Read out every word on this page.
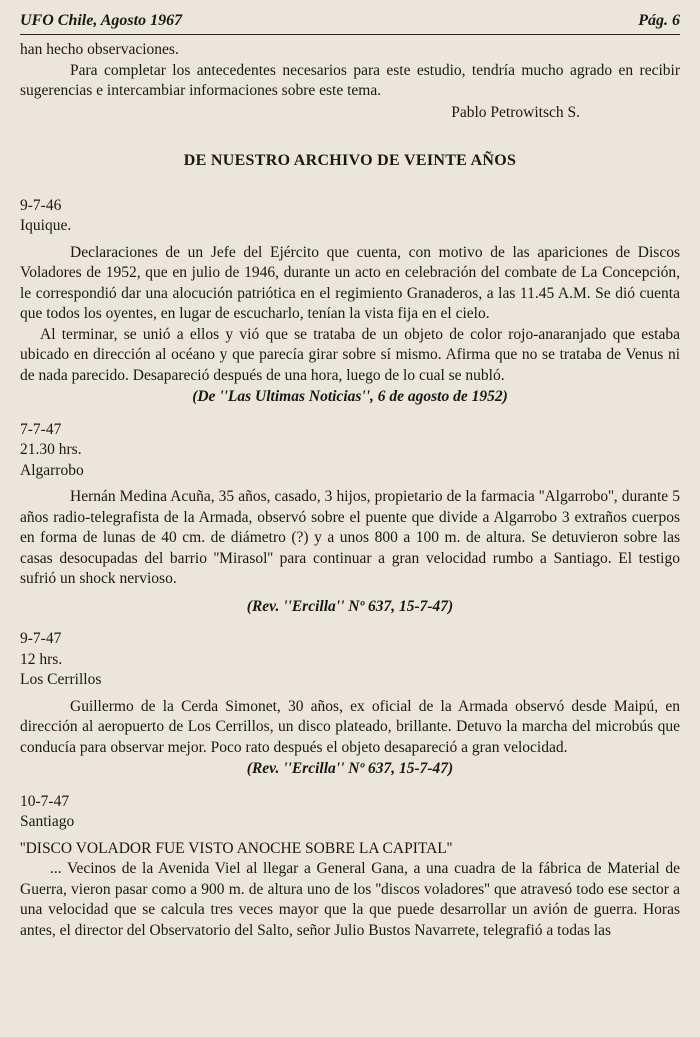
UFO Chile, Agosto 1967	Pág. 6

han hecho observaciones.

Para completar los antecedentes necesarios para este estudio, tendría mucho agrado en recibir sugerencias e intercambiar informaciones sobre este tema.

Pablo Petrowitsch S.

DE NUESTRO ARCHIVO DE VEINTE AÑOS

9-7-46

Iquique.

Declaraciones de un Jefe del Ejército que cuenta, con motivo de las apariciones de Discos Voladores de 1952, que en julio de 1946, durante un acto en celebración del combate de La Concepción, le correspondió dar una alocución patriótica en el regimiento Granaderos, a las 11.45 A.M. Se dió cuenta que todos los oyentes, en lugar de escucharlo, tenían la vista fija en el cielo.

Al terminar, se unió a ellos y vió que se trataba de un objeto de color rojo-anaranjado que estaba ubicado en dirección al océano y que parecía girar sobre sí mismo. Afirma que no se trataba de Venus ni de nada parecido. Desapareció después de una hora, luego de lo cual se nubló.

(De ''Las Ultimas Noticias'', 6 de agosto de 1952)

7-7-47

21.30 hrs.

Algarrobo

Hernán Medina Acuña, 35 años, casado, 3 hijos, propietario de la farmacia ''Algarrobo'', durante 5 años radio-telegrafista de la Armada, observó sobre el puente que divide a Algarrobo 3 extraños cuerpos en forma de lunas de 40 cm. de diámetro (?) y a unos 800 a 100 m. de altura. Se detuvieron sobre las casas desocupadas del barrio ''Mirasol'' para continuar a gran velocidad rumbo a Santiago. El testigo sufrió un shock nervioso.

(Rev. ''Ercilla'' Nº 637, 15-7-47)

9-7-47

12 hrs.

Los Cerrillos

Guillermo de la Cerda Simonet, 30 años, ex oficial de la Armada observó desde Maipú, en dirección al aeropuerto de Los Cerrillos, un disco plateado, brillante. Detuvo la marcha del microbús que conducía para observar mejor. Poco rato después el objeto desapareció a gran velocidad.

(Rev. ''Ercilla'' Nº 637, 15-7-47)

10-7-47

Santiago

''DISCO VOLADOR FUE VISTO ANOCHE SOBRE LA CAPITAL''

... Vecinos de la Avenida Viel al llegar a General Gana, a una cuadra de la fábrica de Material de Guerra, vieron pasar como a 900 m. de altura uno de los ''discos voladores'' que atravesó todo ese sector a una velocidad que se calcula tres veces mayor que la que puede desarrollar un avión de guerra. Horas antes, el director del Observatorio del Salto, señor Julio Bustos Navarrete, telegrafió a todas las
